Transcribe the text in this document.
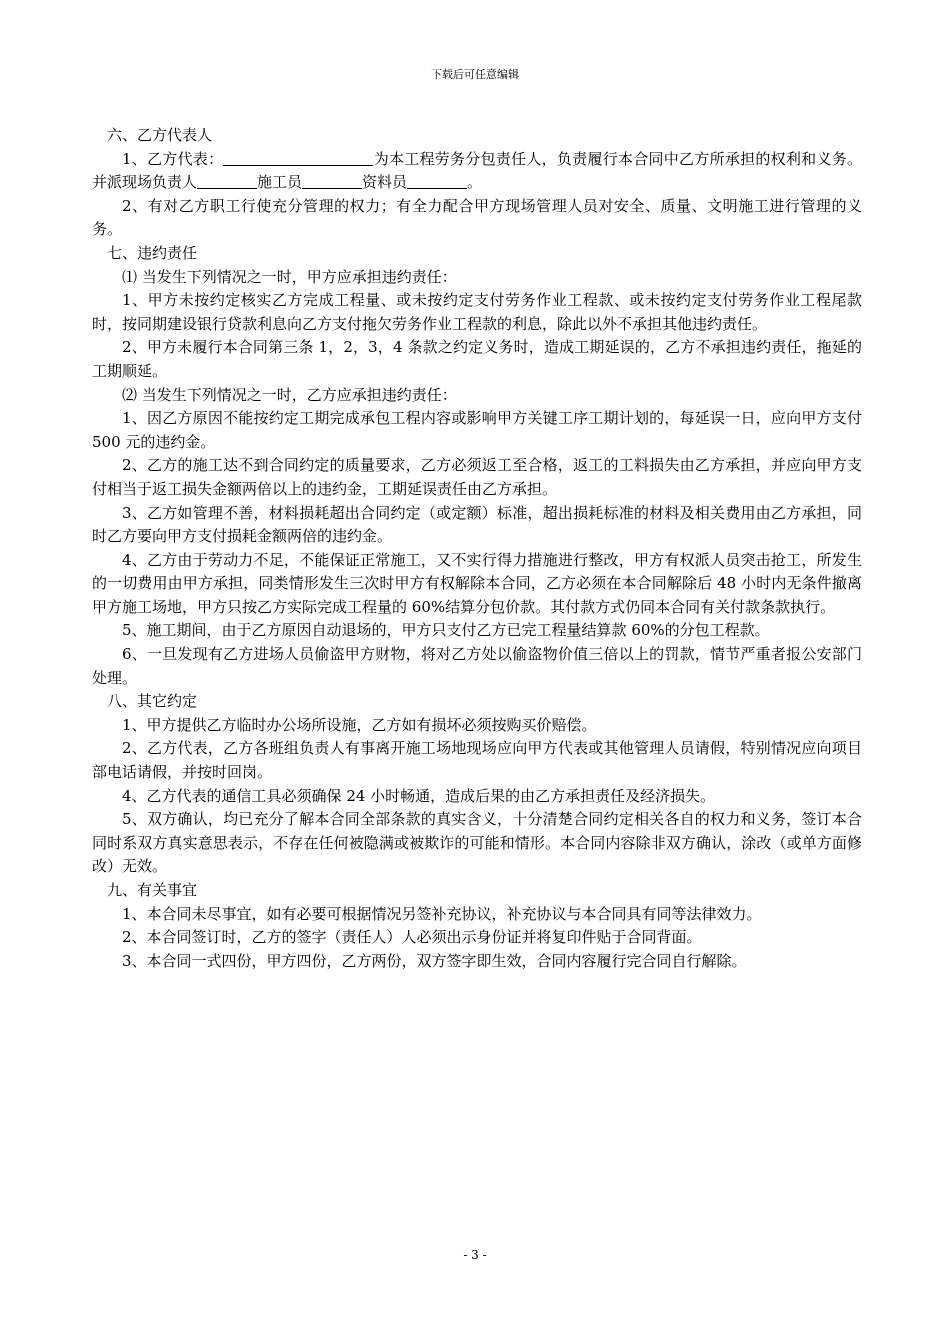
下载后可任意编辑

六、乙方代表人

1、乙方代表：	为本工程劳务分包责任人，负责履行本合同中乙方所承担的权利和义务。并派现场负责人	施工员	资料员	。

2、有对乙方职工行使充分管理的权力；有全力配合甲方现场管理人员对安全、质量、文明施工进行管理的义务。

七、违约责任

⑴ 当发生下列情况之一时，甲方应承担违约责任：

1、甲方未按约定核实乙方完成工程量、或未按约定支付劳务作业工程款、或未按约定支付劳务作业工程尾款时，按同期建设银行贷款利息向乙方支付拖欠劳务作业工程款的利息，除此以外不承担其他违约责任。

2、甲方未履行本合同第三条 1，2，3，4 条款之约定义务时，造成工期延误的，乙方不承担违约责任，拖延的工期顺延。

⑵ 当发生下列情况之一时，乙方应承担违约责任：

1、因乙方原因不能按约定工期完成承包工程内容或影响甲方关键工序工期计划的，每延误一日，应向甲方支付 500 元的违约金。

2、乙方的施工达不到合同约定的质量要求，乙方必须返工至合格，返工的工料损失由乙方承担，并应向甲方支付相当于返工损失金额两倍以上的违约金，工期延误责任由乙方承担。

3、乙方如管理不善，材料损耗超出合同约定（或定额）标准，超出损耗标准的材料及相关费用由乙方承担，同时乙方要向甲方支付损耗金额两倍的违约金。

4、乙方由于劳动力不足，不能保证正常施工，又不实行得力措施进行整改，甲方有权派人员突击抢工，所发生的一切费用由甲方承担，同类情形发生三次时甲方有权解除本合同，乙方必须在本合同解除后 48 小时内无条件撤离甲方施工场地，甲方只按乙方实际完成工程量的 60%结算分包价款。其付款方式仍同本合同有关付款条款执行。

5、施工期间，由于乙方原因自动退场的，甲方只支付乙方已完工程量结算款 60%的分包工程款。

6、一旦发现有乙方进场人员偷盗甲方财物，将对乙方处以偷盗物价值三倍以上的罚款，情节严重者报公安部门处理。

八、其它约定

1、甲方提供乙方临时办公场所设施，乙方如有损坏必须按购买价赔偿。

2、乙方代表，乙方各班组负责人有事离开施工场地现场应向甲方代表或其他管理人员请假，特别情况应向项目部电话请假，并按时回岗。

4、乙方代表的通信工具必须确保 24 小时畅通，造成后果的由乙方承担责任及经济损失。

5、双方确认，均已充分了解本合同全部条款的真实含义，十分清楚合同约定相关各自的权力和义务，签订本合同时系双方真实意思表示，不存在任何被隐满或被欺诈的可能和情形。本合同内容除非双方确认，涂改（或单方面修改）无效。

九、有关事宜

1、本合同未尽事宜，如有必要可根据情况另签补充协议，补充协议与本合同具有同等法律效力。

2、本合同签订时，乙方的签字（责任人）人必须出示身份证并将复印件贴于合同背面。

3、本合同一式四份，甲方四份，乙方两份，双方签字即生效，合同内容履行完合同自行解除。

- 3 -
